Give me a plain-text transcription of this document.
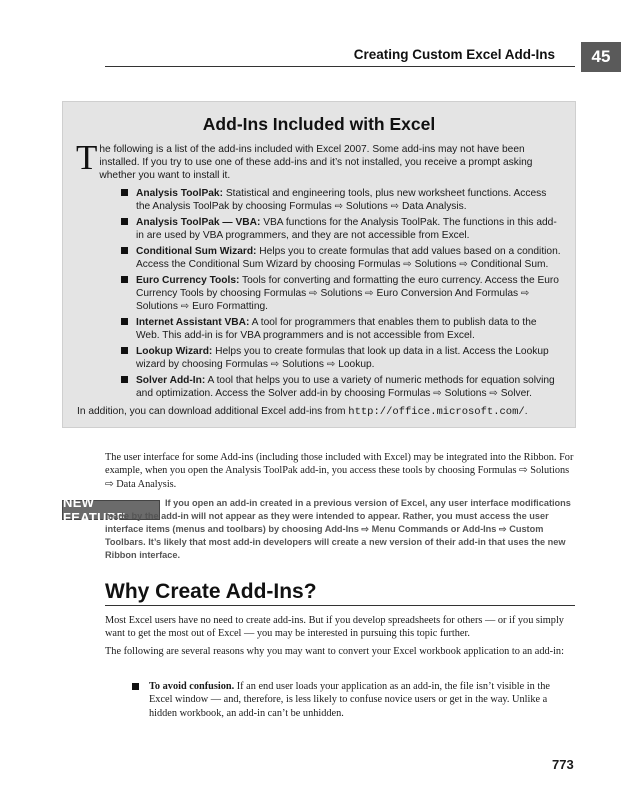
Creating Custom Excel Add-Ins	45
Add-Ins Included with Excel

The following is a list of the add-ins included with Excel 2007. Some add-ins may not have been installed. If you try to use one of these add-ins and it’s not installed, you receive a prompt asking whether you want to install it.

Analysis ToolPak: Statistical and engineering tools, plus new worksheet functions. Access the Analysis ToolPak by choosing Formulas ⇨ Solutions ⇨ Data Analysis.
Analysis ToolPak — VBA: VBA functions for the Analysis ToolPak. The functions in this add-in are used by VBA programmers, and they are not accessible from Excel.
Conditional Sum Wizard: Helps you to create formulas that add values based on a condition. Access the Conditional Sum Wizard by choosing Formulas ⇨ Solutions ⇨ Conditional Sum.
Euro Currency Tools: Tools for converting and formatting the euro currency. Access the Euro Currency Tools by choosing Formulas ⇨ Solutions ⇨ Euro Conversion And Formulas ⇨ Solutions ⇨ Euro Formatting.
Internet Assistant VBA: A tool for programmers that enables them to publish data to the Web. This add-in is for VBA programmers and is not accessible from Excel.
Lookup Wizard: Helps you to create formulas that look up data in a list. Access the Lookup wizard by choosing Formulas ⇨ Solutions ⇨ Lookup.
Solver Add-In: A tool that helps you to use a variety of numeric methods for equation solving and optimization. Access the Solver add-in by choosing Formulas ⇨ Solutions ⇨ Solver.

In addition, you can download additional Excel add-ins from http://office.microsoft.com/.

The user interface for some Add-ins (including those included with Excel) may be integrated into the Ribbon. For example, when you open the Analysis ToolPak add-in, you access these tools by choosing Formulas ⇨ Solutions ⇨ Data Analysis.

NEW FEATURE

If you open an add-in created in a previous version of Excel, any user interface modifications made by the add-in will not appear as they were intended to appear. Rather, you must access the user interface items (menus and toolbars) by choosing Add-Ins ⇨ Menu Commands or Add-Ins ⇨ Custom Toolbars. It’s likely that most add-in developers will create a new version of their add-in that uses the new Ribbon interface.

Why Create Add-Ins?

Most Excel users have no need to create add-ins. But if you develop spreadsheets for others — or if you simply want to get the most out of Excel — you may be interested in pursuing this topic further.

The following are several reasons why you may want to convert your Excel workbook application to an add-in:

To avoid confusion. If an end user loads your application as an add-in, the file isn’t visible in the Excel window — and, therefore, is less likely to confuse novice users or get in the way. Unlike a hidden workbook, an add-in can’t be unhidden.

773
